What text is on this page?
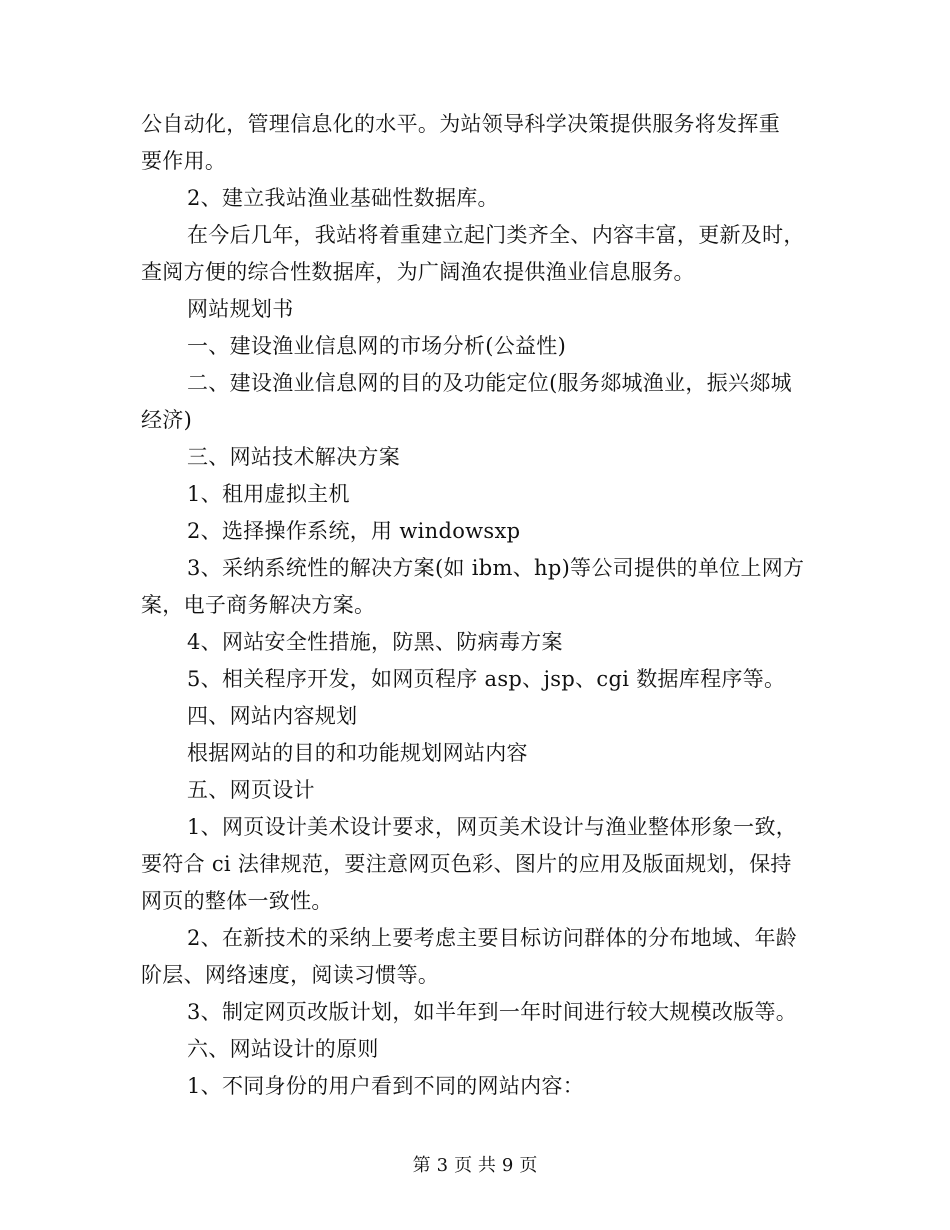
公自动化，管理信息化的水平。为站领导科学决策提供服务将发挥重
要作用。
2、建立我站渔业基础性数据库。
在今后几年，我站将着重建立起门类齐全、内容丰富，更新及时，
查阅方便的综合性数据库，为广阔渔农提供渔业信息服务。
网站规划书
一、建设渔业信息网的市场分析(公益性)
二、建设渔业信息网的目的及功能定位(服务郯城渔业，振兴郯城
经济)
三、网站技术解决方案
1、租用虚拟主机
2、选择操作系统，用 windowsxp
3、采纳系统性的解决方案(如 ibm、hp)等公司提供的单位上网方
案，电子商务解决方案。
4、网站安全性措施，防黑、防病毒方案
5、相关程序开发，如网页程序 asp、jsp、cgi 数据库程序等。
四、网站内容规划
根据网站的目的和功能规划网站内容
五、网页设计
1、网页设计美术设计要求，网页美术设计与渔业整体形象一致，
要符合 ci 法律规范，要注意网页色彩、图片的应用及版面规划，保持
网页的整体一致性。
2、在新技术的采纳上要考虑主要目标访问群体的分布地域、年龄
阶层、网络速度，阅读习惯等。
3、制定网页改版计划，如半年到一年时间进行较大规模改版等。
六、网站设计的原则
1、不同身份的用户看到不同的网站内容：
第 3 页 共 9 页
